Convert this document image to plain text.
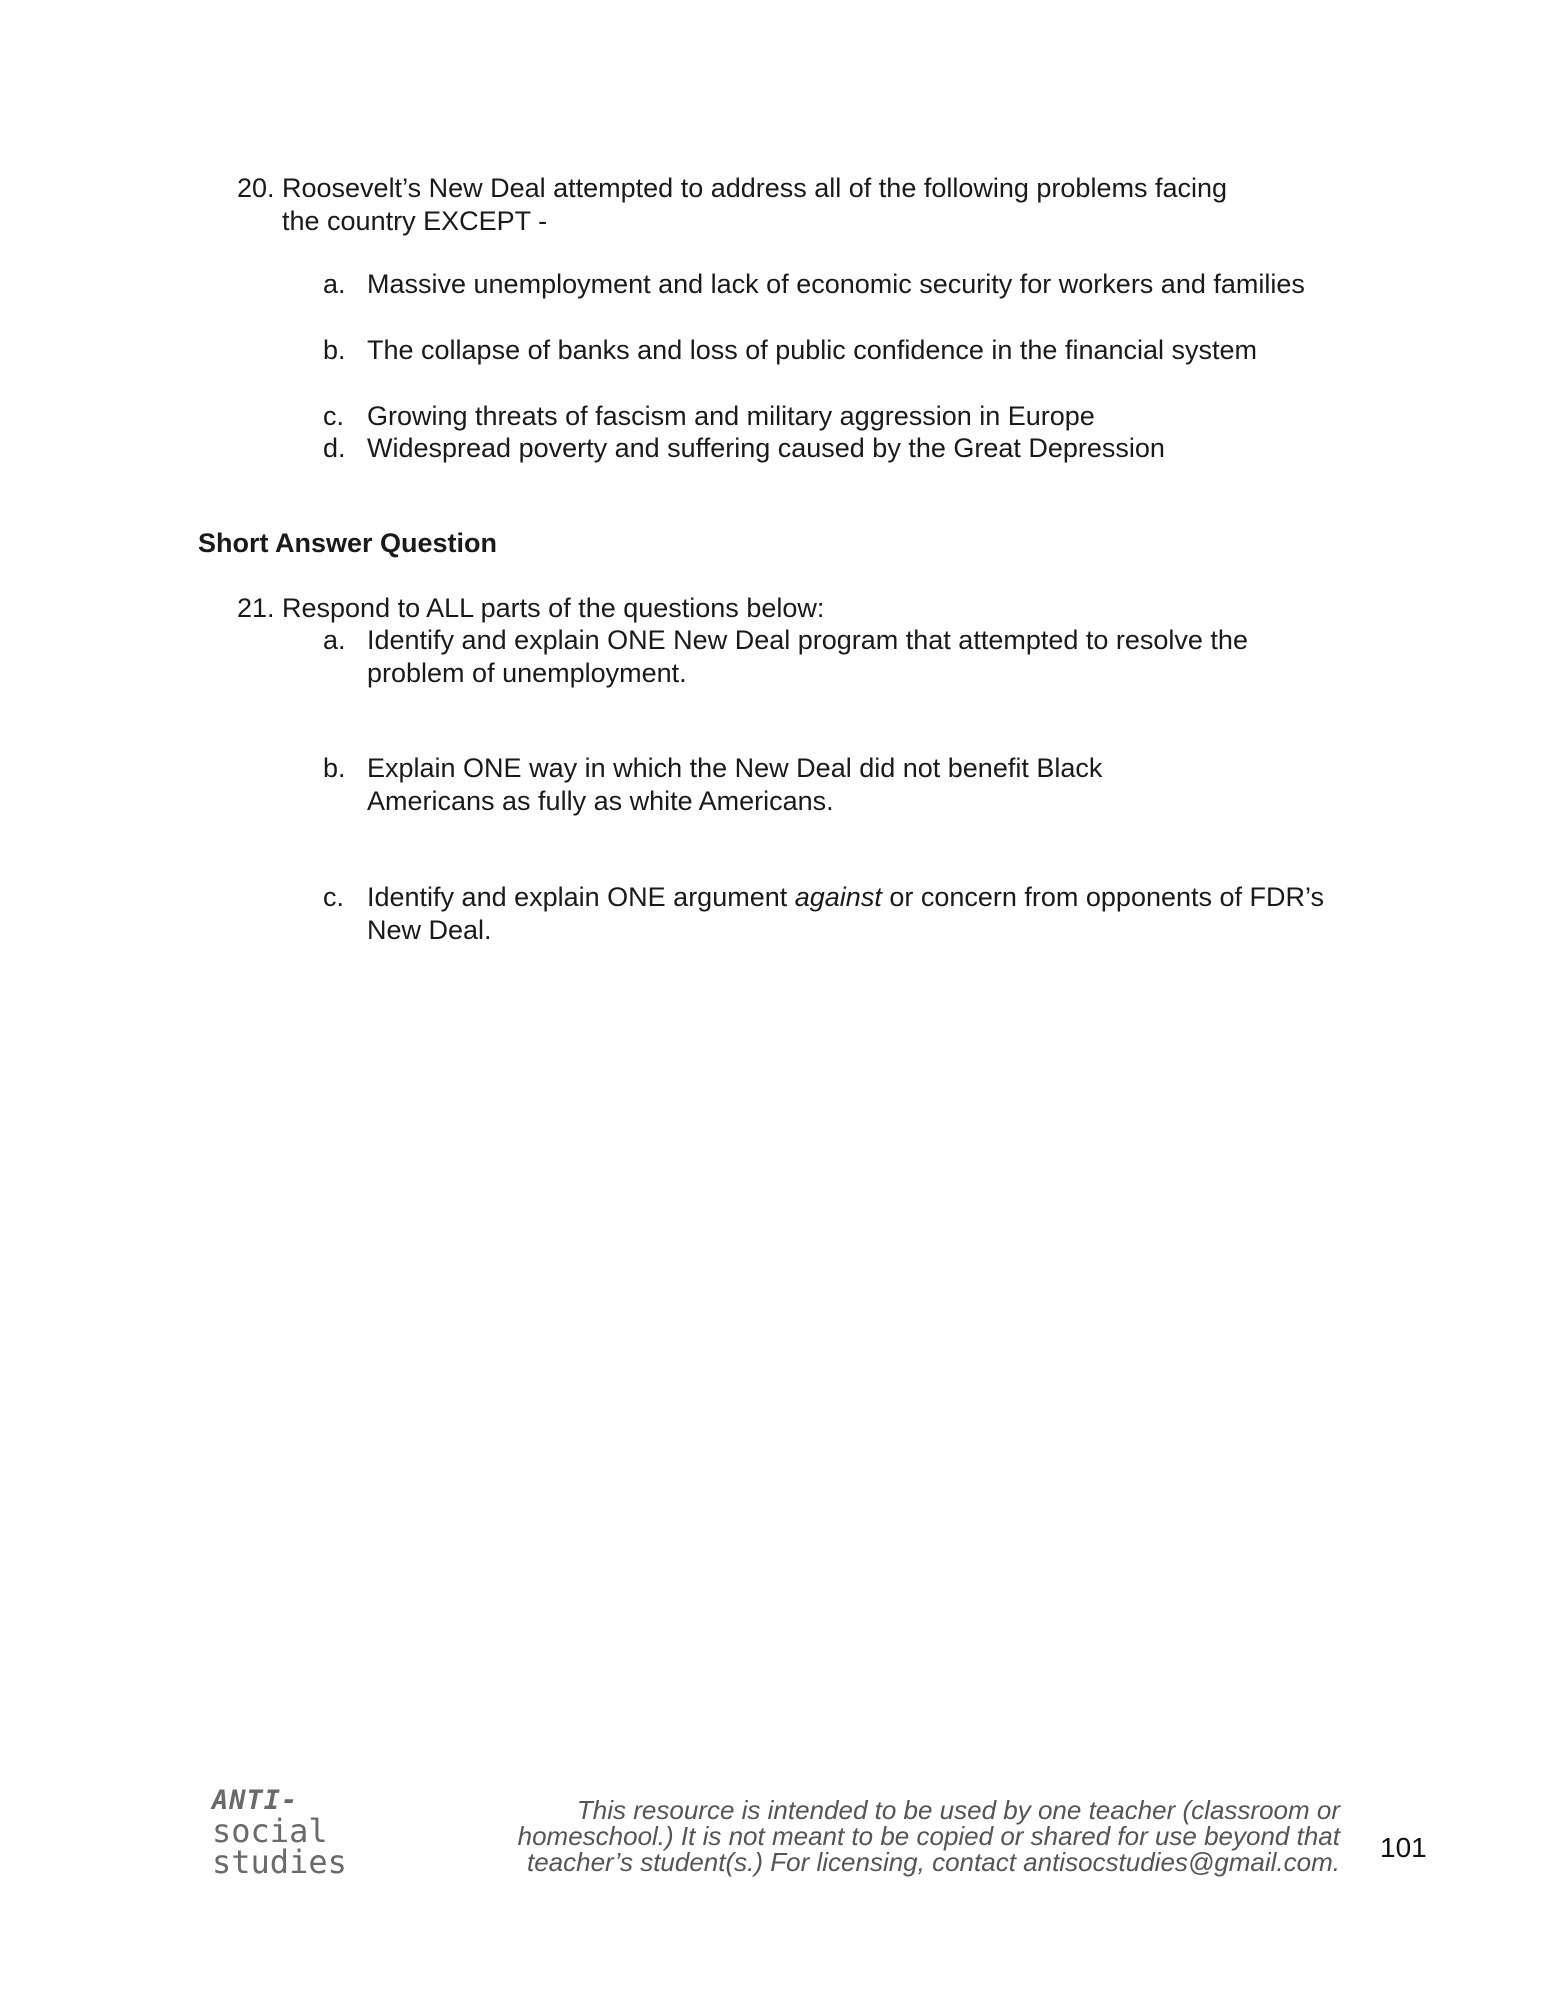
20. Roosevelt’s New Deal attempted to address all of the following problems facing the country EXCEPT -
a. Massive unemployment and lack of economic security for workers and families
b. The collapse of banks and loss of public confidence in the financial system
c. Growing threats of fascism and military aggression in Europe
d. Widespread poverty and suffering caused by the Great Depression
Short Answer Question
21. Respond to ALL parts of the questions below:
a. Identify and explain ONE New Deal program that attempted to resolve the problem of unemployment.
b. Explain ONE way in which the New Deal did not benefit Black Americans as fully as white Americans.
c. Identify and explain ONE argument against or concern from opponents of FDR’s New Deal.
ANTI-
social
studies
This resource is intended to be used by one teacher (classroom or
homeschool.) It is not meant to be copied or shared for use beyond that
teacher’s student(s.) For licensing, contact antisocstudies@gmail.com. 101
